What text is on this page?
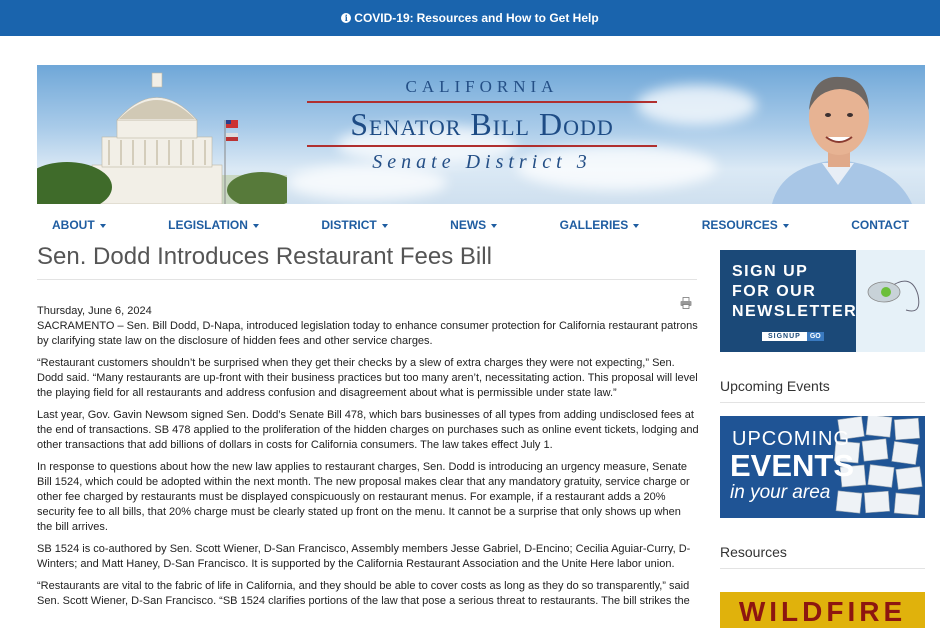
i COVID-19: Resources and How to Get Help
CALIFORNIA
Senator Bill Dodd
Senate District 3
ABOUT	LEGISLATION	DISTRICT	NEWS	GALLERIES	RESOURCES	CONTACT
Sen. Dodd Introduces Restaurant Fees Bill

Thursday, June 6, 2024

SACRAMENTO – Sen. Bill Dodd, D-Napa, introduced legislation today to enhance consumer protection for California restaurant patrons by clarifying state law on the disclosure of hidden fees and other service charges.

“Restaurant customers shouldn’t be surprised when they get their checks by a slew of extra charges they were not expecting,” Sen. Dodd said. “Many restaurants are up-front with their business practices but too many aren’t, necessitating action. This proposal will level the playing field for all restaurants and address confusion and disagreement about what is permissible under state law.”

Last year, Gov. Gavin Newsom signed Sen. Dodd’s Senate Bill 478, which bars businesses of all types from adding undisclosed fees at the end of transactions. SB 478 applied to the proliferation of the hidden charges on purchases such as online event tickets, lodging and other transactions that add billions of dollars in costs for California consumers. The law takes effect July 1.

In response to questions about how the new law applies to restaurant charges, Sen. Dodd is introducing an urgency measure, Senate Bill 1524, which could be adopted within the next month. The new proposal makes clear that any mandatory gratuity, service charge or other fee charged by restaurants must be displayed conspicuously on restaurant menus. For example, if a restaurant adds a 20% security fee to all bills, that 20% charge must be clearly stated up front on the menu. It cannot be a surprise that only shows up when the bill arrives.

SB 1524 is co-authored by Sen. Scott Wiener, D-San Francisco, Assembly members Jesse Gabriel, D-Encino; Cecilia Aguiar-Curry, D-Winters; and Matt Haney, D-San Francisco. It is supported by the California Restaurant Association and the Unite Here labor union.

“Restaurants are vital to the fabric of life in California, and they should be able to cover costs as long as they do so transparently,” said Sen. Scott Wiener, D-San Francisco. “SB 1524 clarifies portions of the law that pose a serious threat to restaurants. The bill strikes the

SIGN UP
FOR OUR
NEWSLETTER
SIGNUP	GO
Upcoming Events
UPCOMING
EVENTS
in your area
Resources
WILDFIRE
